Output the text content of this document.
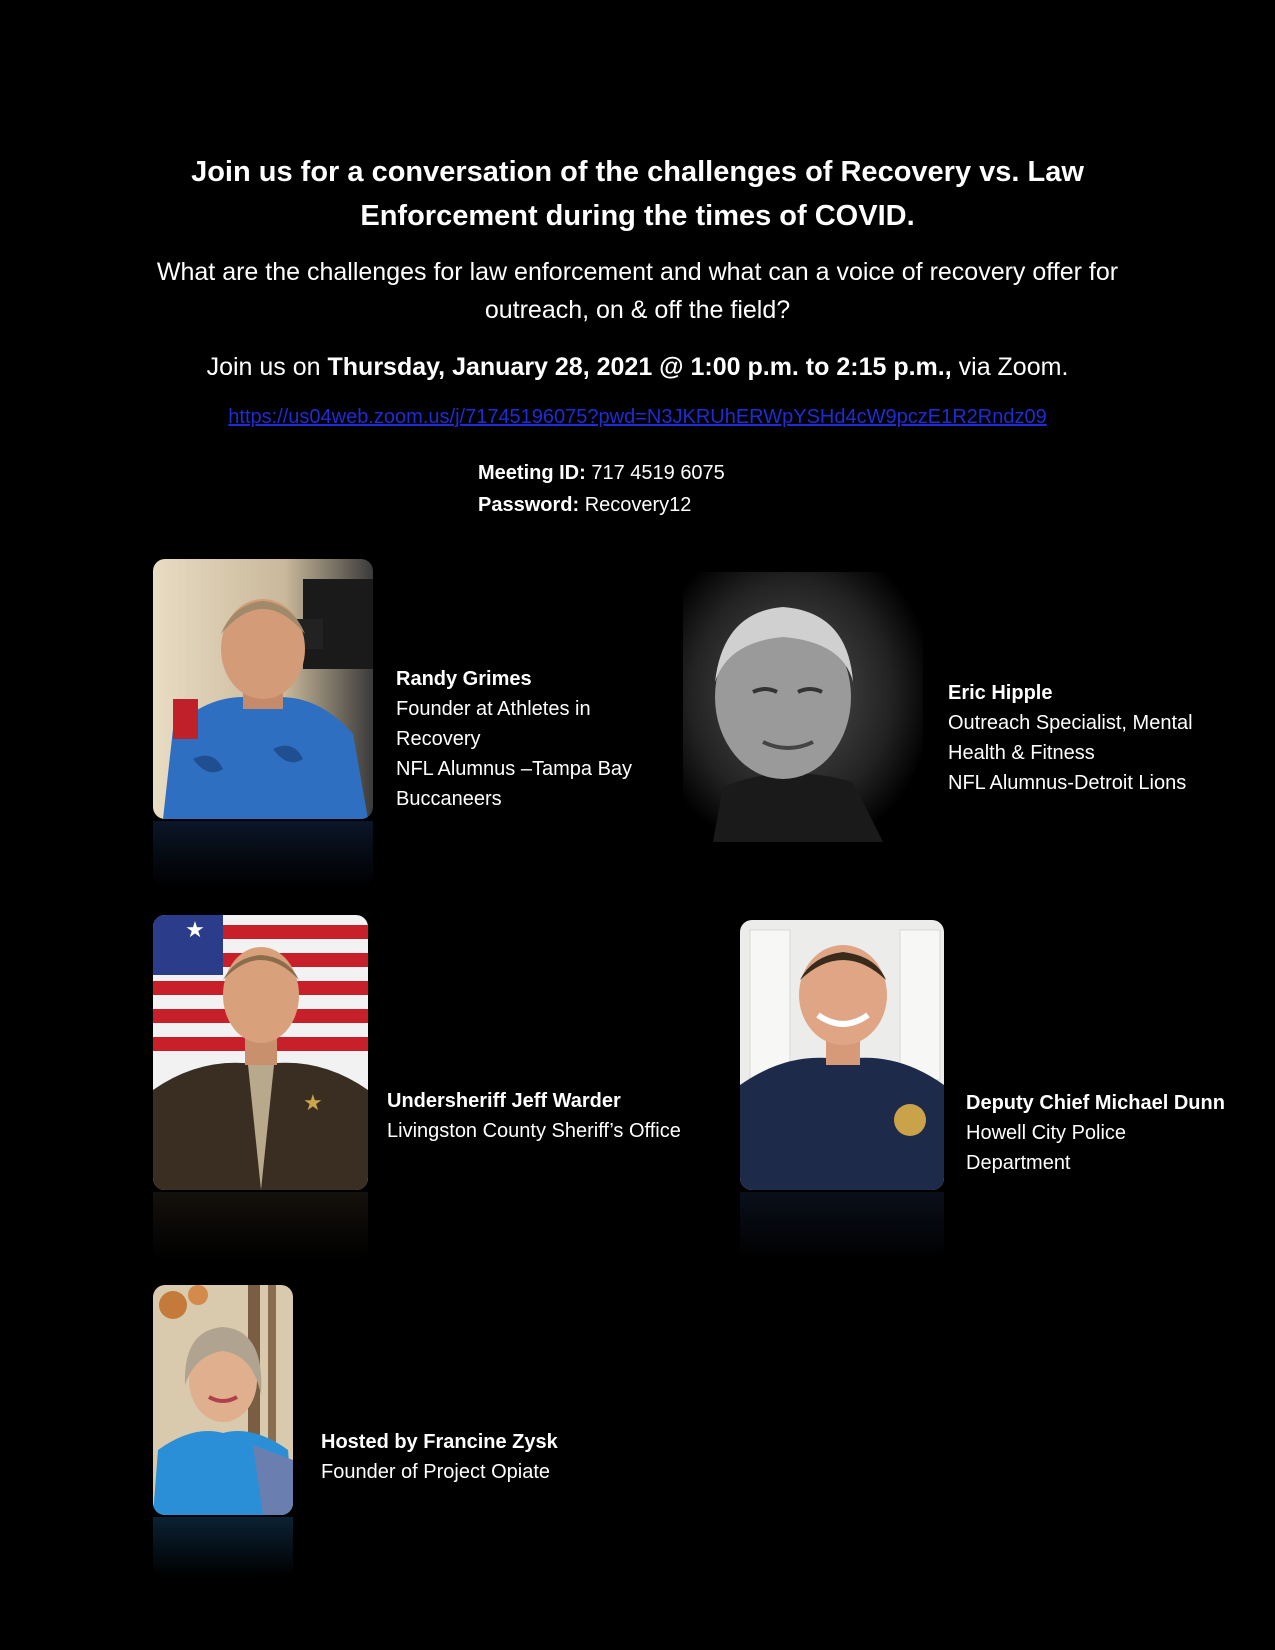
Join us for a conversation of the challenges of Recovery vs. Law Enforcement during the times of COVID.

What are the challenges for law enforcement and what can a voice of recovery offer for outreach, on & off the field?

Join us on Thursday, January 28, 2021 @ 1:00 p.m. to 2:15 p.m., via Zoom.

https://us04web.zoom.us/j/71745196075?pwd=N3JKRUhERWpYSHd4cW9pczE1R2Rndz09
Meeting ID: 717 4519 6075
Password: Recovery12
Randy Grimes
Founder at Athletes in
Recovery
NFL Alumnus –Tampa Bay
Buccaneers
Eric Hipple
Outreach Specialist, Mental
Health & Fitness
NFL Alumnus-Detroit Lions
★
★	Undersheriff Jeff Warder
Livingston County Sheriff’s Office
Deputy Chief Michael Dunn
Howell City Police
Department
Hosted by Francine Zysk
Founder of Project Opiate
